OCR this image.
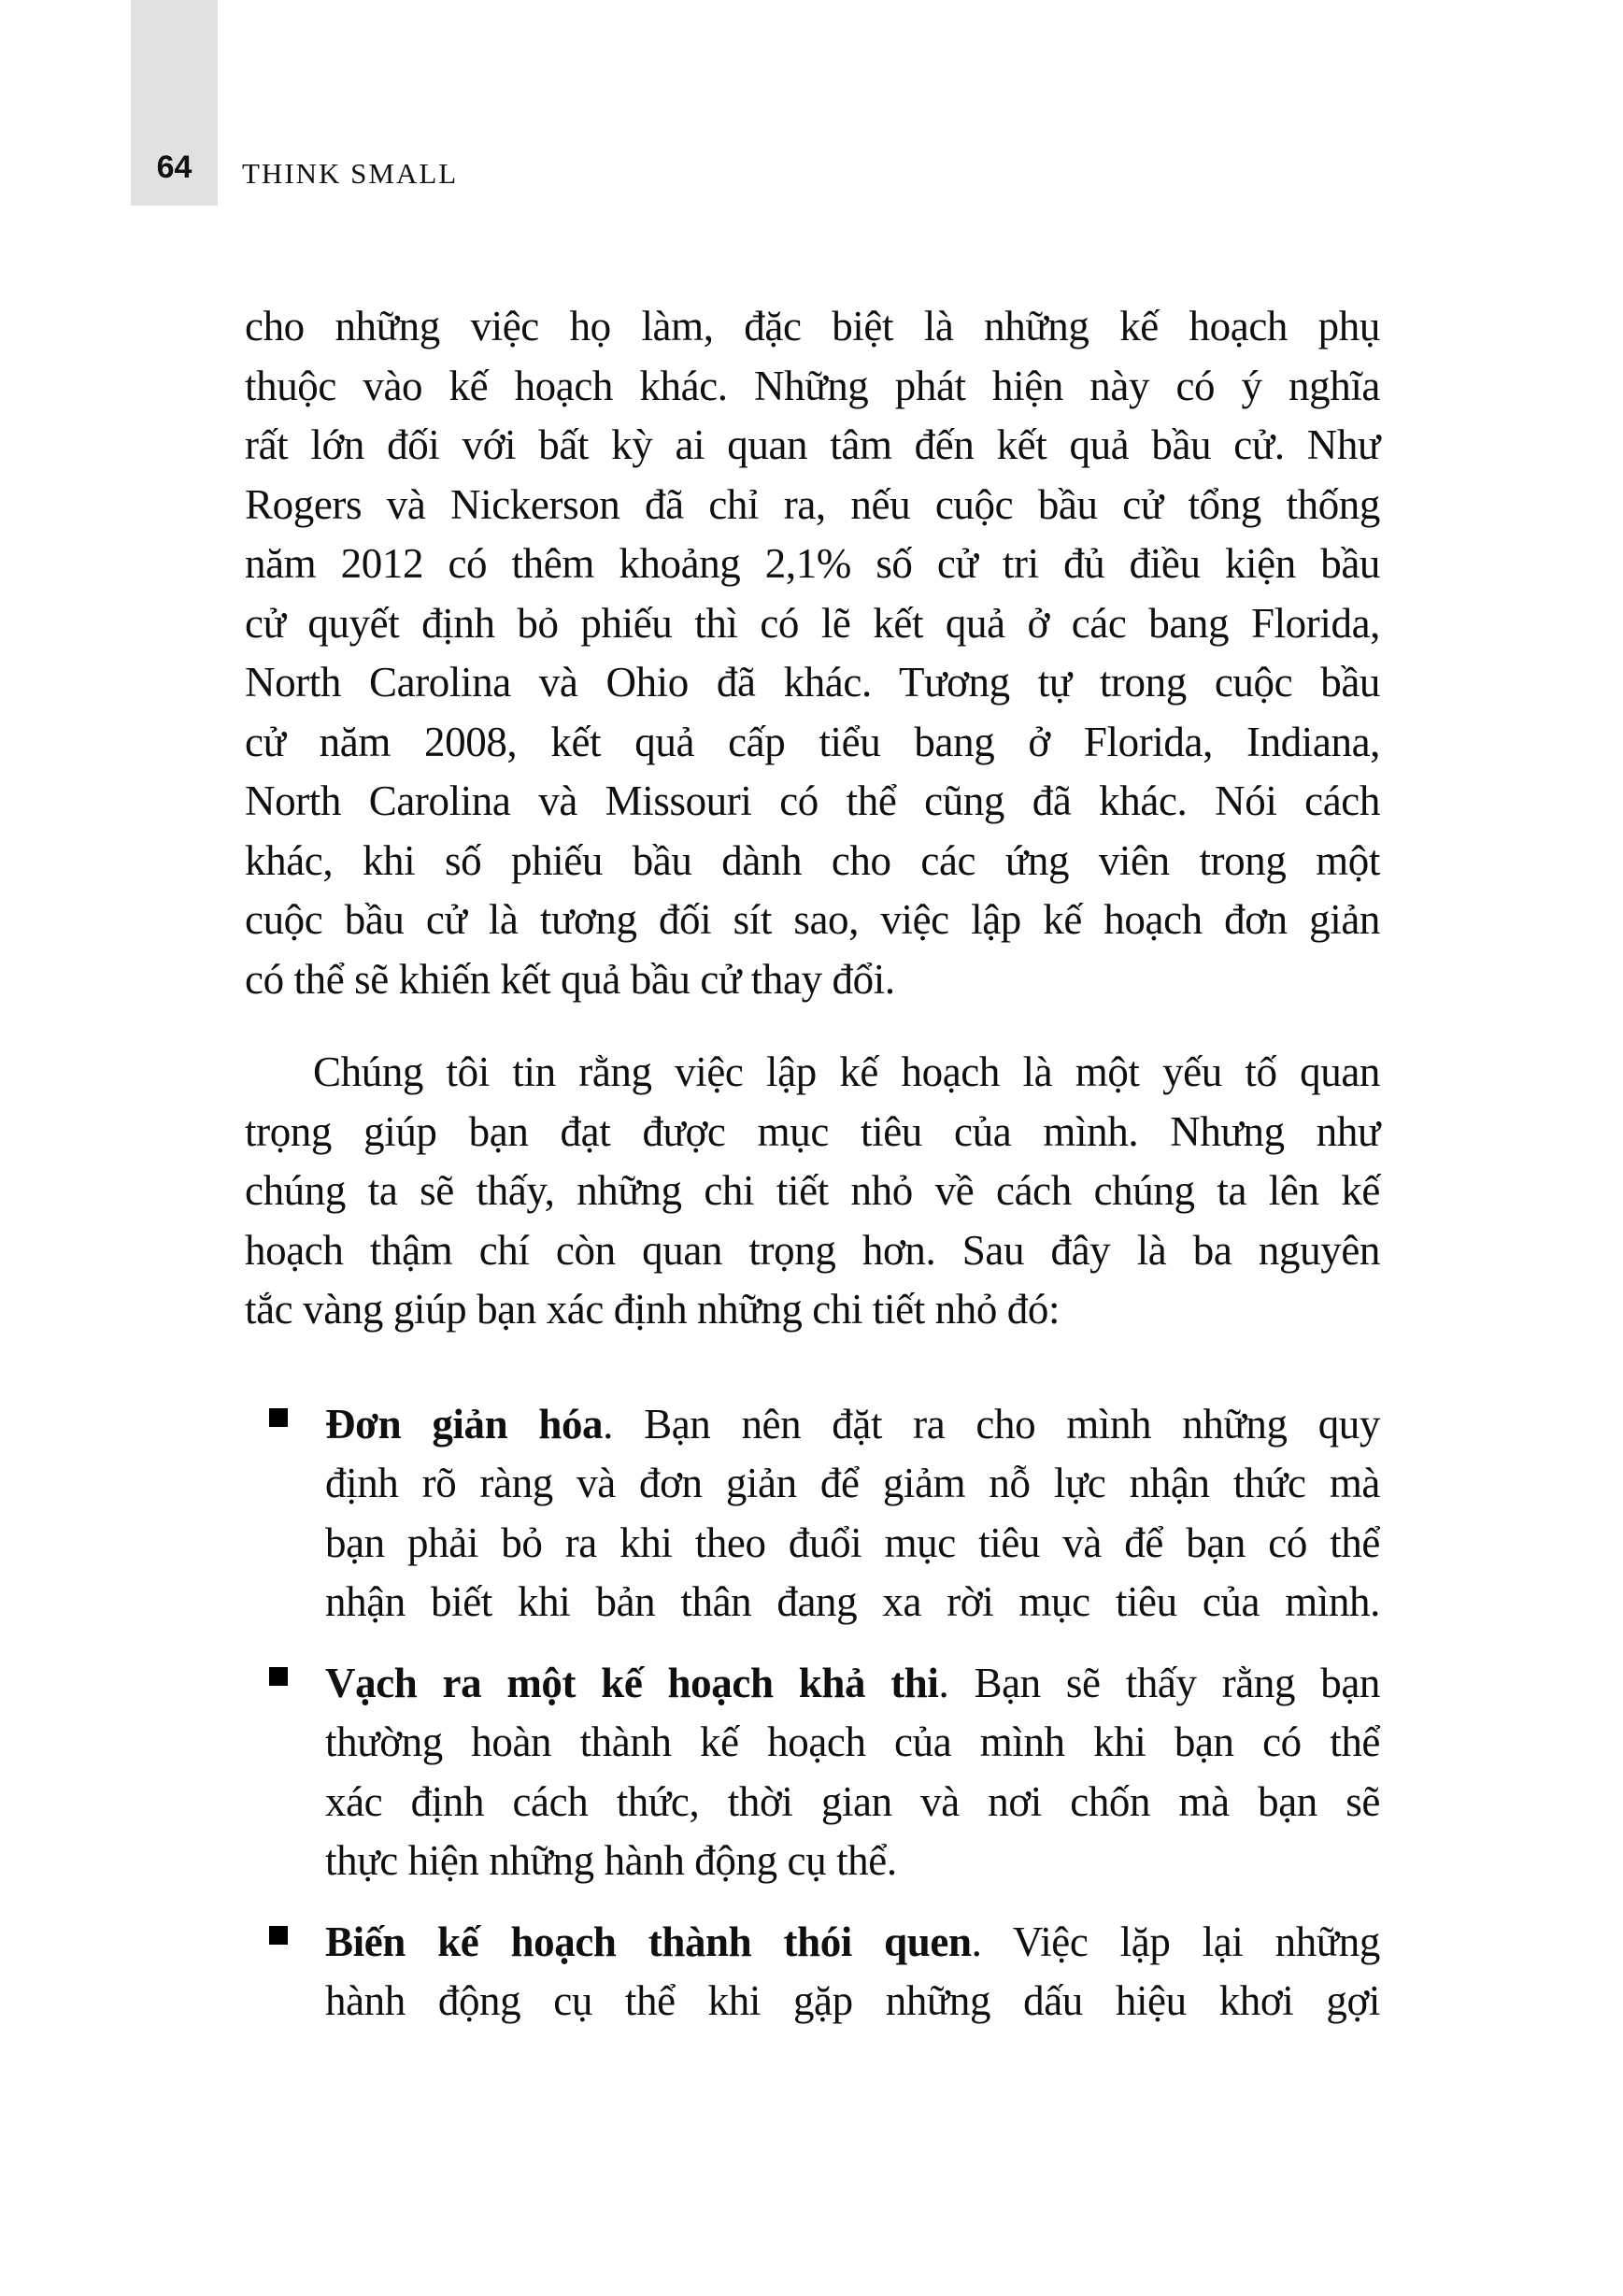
64 THINK SMALL
cho những việc họ làm, đặc biệt là những kế hoạch phụ
thuộc vào kế hoạch khác. Những phát hiện này có ý nghĩa
rất lớn đối với bất kỳ ai quan tâm đến kết quả bầu cử. Như
Rogers và Nickerson đã chỉ ra, nếu cuộc bầu cử tổng thống
năm 2012 có thêm khoảng 2,1% số cử tri đủ điều kiện bầu
cử quyết định bỏ phiếu thì có lẽ kết quả ở các bang Florida,
North Carolina và Ohio đã khác. Tương tự trong cuộc bầu
cử năm 2008, kết quả cấp tiểu bang ở Florida, Indiana,
North Carolina và Missouri có thể cũng đã khác. Nói cách
khác, khi số phiếu bầu dành cho các ứng viên trong một
cuộc bầu cử là tương đối sít sao, việc lập kế hoạch đơn giản
có thể sẽ khiến kết quả bầu cử thay đổi.
Chúng tôi tin rằng việc lập kế hoạch là một yếu tố quan
trọng giúp bạn đạt được mục tiêu của mình. Nhưng như
chúng ta sẽ thấy, những chi tiết nhỏ về cách chúng ta lên kế
hoạch thậm chí còn quan trọng hơn. Sau đây là ba nguyên
tắc vàng giúp bạn xác định những chi tiết nhỏ đó:
Đơn giản hóa. Bạn nên đặt ra cho mình những quy
định rõ ràng và đơn giản để giảm nỗ lực nhận thức mà
bạn phải bỏ ra khi theo đuổi mục tiêu và để bạn có thể
nhận biết khi bản thân đang xa rời mục tiêu của mình.
Vạch ra một kế hoạch khả thi. Bạn sẽ thấy rằng bạn
thường hoàn thành kế hoạch của mình khi bạn có thể
xác định cách thức, thời gian và nơi chốn mà bạn sẽ
thực hiện những hành động cụ thể.
Biến kế hoạch thành thói quen. Việc lặp lại những
hành động cụ thể khi gặp những dấu hiệu khơi gợi
